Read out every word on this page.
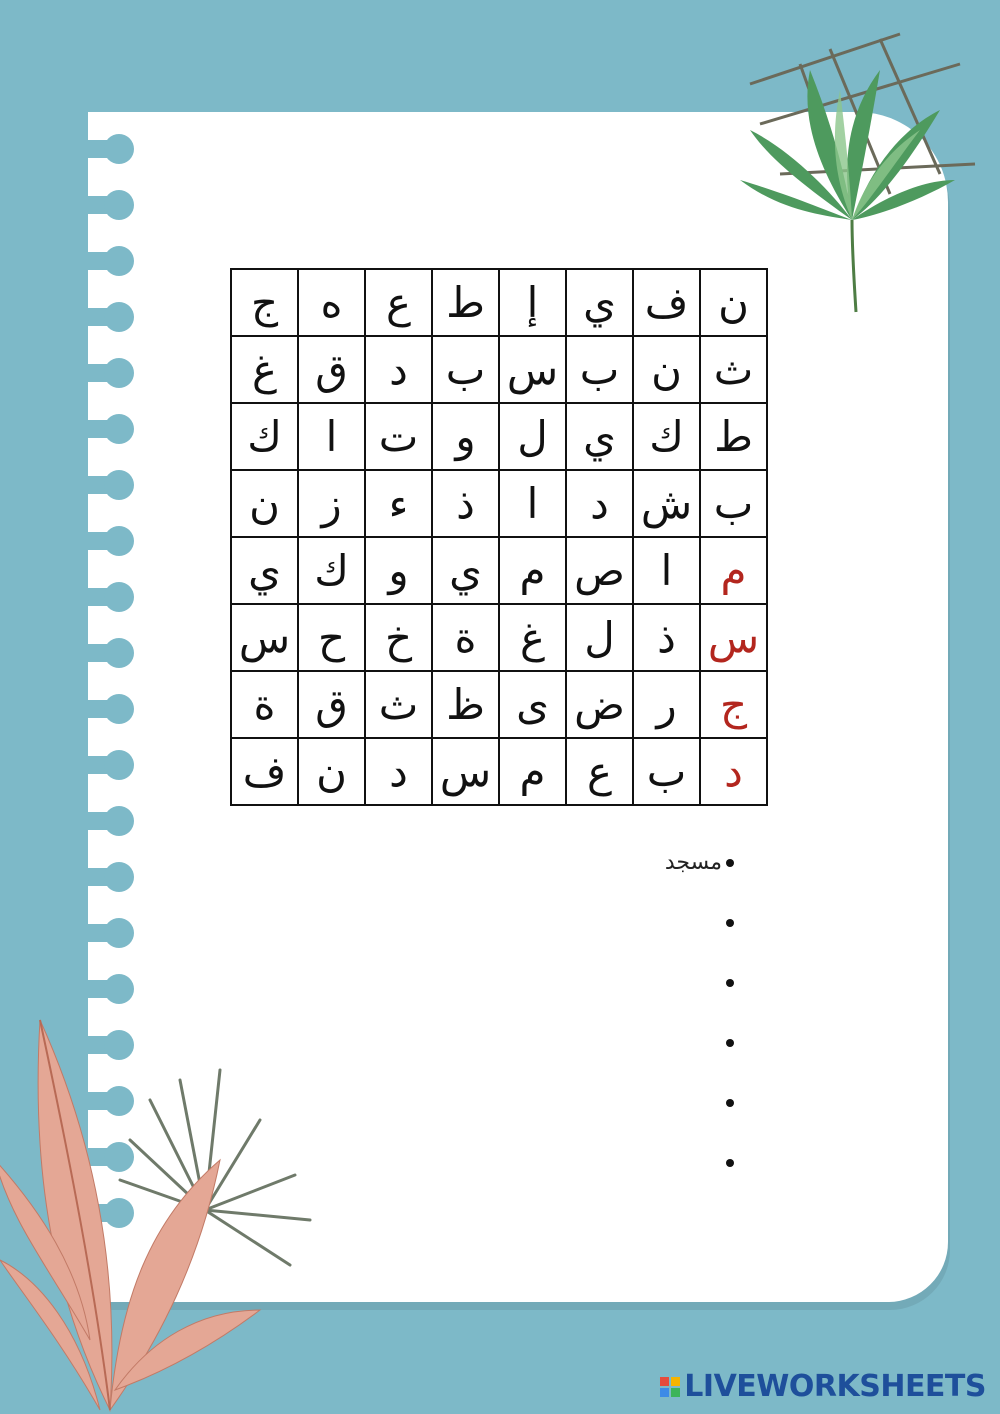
ن	ف	ي	إ	ط	ع	ه	ج
ث	ن	ب	س	ب	د	ق	غ
ط	ك	ي	ل	و	ت	ا	ك
ب	ش	د	ا	ذ	ء	ز	ن
م	ا	ص	م	ي	و	ك	ي
س	ذ	ل	غ	ة	خ	ح	س
ج	ر	ض	ى	ظ	ث	ق	ة
د	ب	ع	م	س	د	ن	ف
مسجد
LIVEWORKSHEETS
